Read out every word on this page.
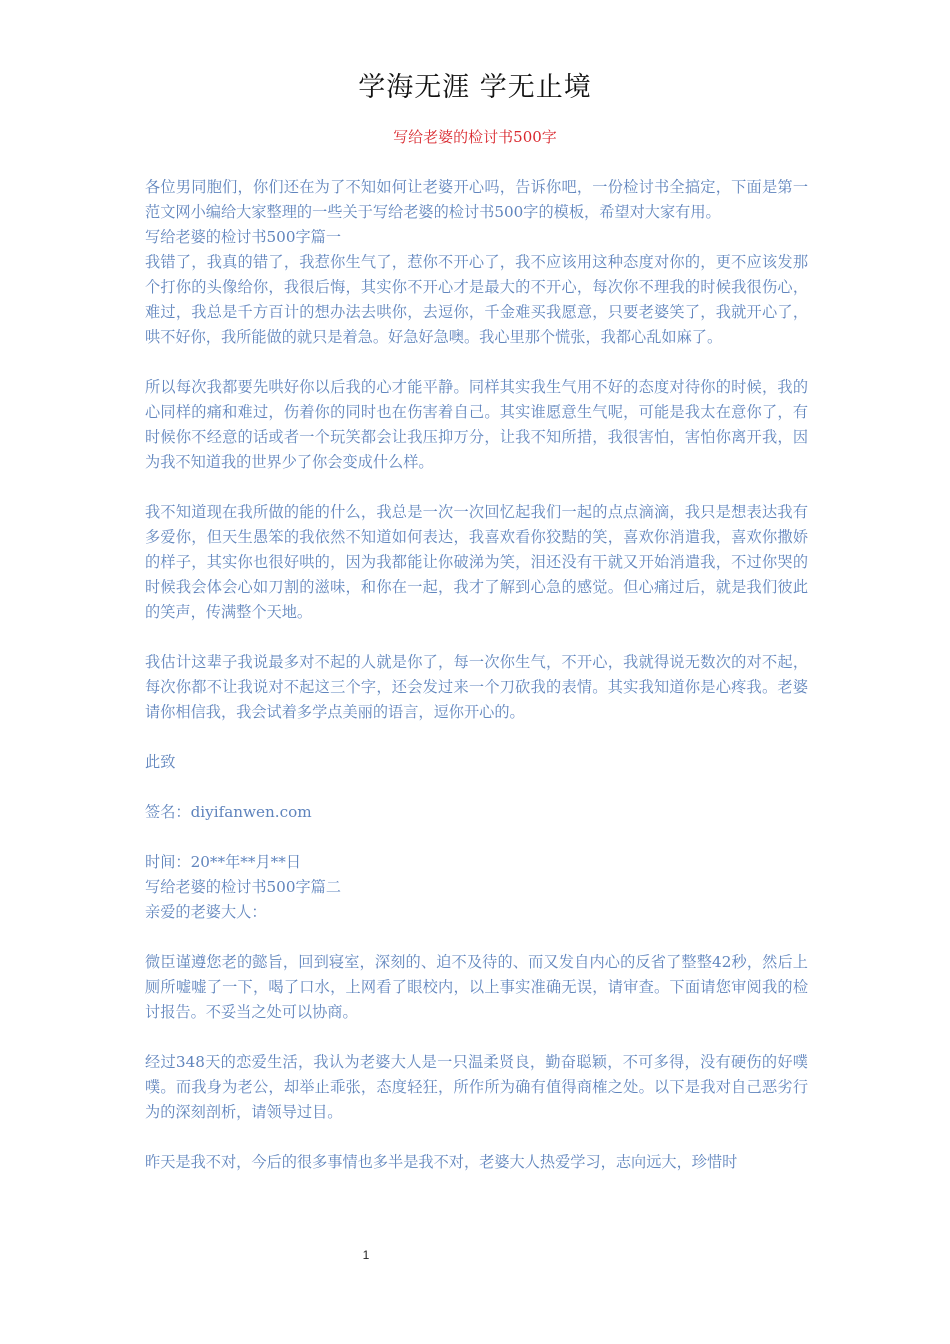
学海无涯 学无止境
写给老婆的检讨书500字

各位男同胞们，你们还在为了不知如何让老婆开心吗，告诉你吧，一份检讨书全搞定，下面是第一范文网小编给大家整理的一些关于写给老婆的检讨书500字的模板，希望对大家有用。

写给老婆的检讨书500字篇一

我错了，我真的错了，我惹你生气了，惹你不开心了，我不应该用这种态度对你的，更不应该发那个打你的头像给你，我很后悔，其实你不开心才是最大的不开心，每次你不理我的时候我很伤心，难过，我总是千方百计的想办法去哄你，去逗你，千金难买我愿意，只要老婆笑了，我就开心了，哄不好你，我所能做的就只是着急。好急好急噢。我心里那个慌张，我都心乱如麻了。

所以每次我都要先哄好你以后我的心才能平静。同样其实我生气用不好的态度对待你的时候，我的心同样的痛和难过，伤着你的同时也在伤害着自己。其实谁愿意生气呢，可能是我太在意你了，有时候你不经意的话或者一个玩笑都会让我压抑万分，让我不知所措，我很害怕，害怕你离开我，因为我不知道我的世界少了你会变成什么样。

我不知道现在我所做的能的什么，我总是一次一次回忆起我们一起的点点滴滴，我只是想表达我有多爱你，但天生愚笨的我依然不知道如何表达，我喜欢看你狡黠的笑，喜欢你消遣我，喜欢你撒娇的样子，其实你也很好哄的，因为我都能让你破涕为笑，泪还没有干就又开始消遣我，不过你哭的时候我会体会心如刀割的滋味，和你在一起，我才了解到心急的感觉。但心痛过后，就是我们彼此的笑声，传满整个天地。

我估计这辈子我说最多对不起的人就是你了，每一次你生气，不开心，我就得说无数次的对不起，每次你都不让我说对不起这三个字，还会发过来一个刀砍我的表情。其实我知道你是心疼我。老婆请你相信我，我会试着多学点美丽的语言，逗你开心的。

此致

签名：diyifanwen.com

时间：20**年**月**日

写给老婆的检讨书500字篇二

亲爱的老婆大人：

微臣谨遵您老的懿旨，回到寝室，深刻的、迫不及待的、而又发自内心的反省了整整42秒，然后上厕所嘘嘘了一下，喝了口水，上网看了眼校内，以上事实准确无误，请审查。下面请您审阅我的检讨报告。不妥当之处可以协商。

经过348天的恋爱生活，我认为老婆大人是一只温柔贤良，勤奋聪颖，不可多得，没有硬伤的好噗噗。而我身为老公，却举止乖张，态度轻狂，所作所为确有值得商榷之处。以下是我对自己恶劣行为的深刻剖析，请领导过目。

昨天是我不对，今后的很多事情也多半是我不对，老婆大人热爱学习，志向远大，珍惜时

1
